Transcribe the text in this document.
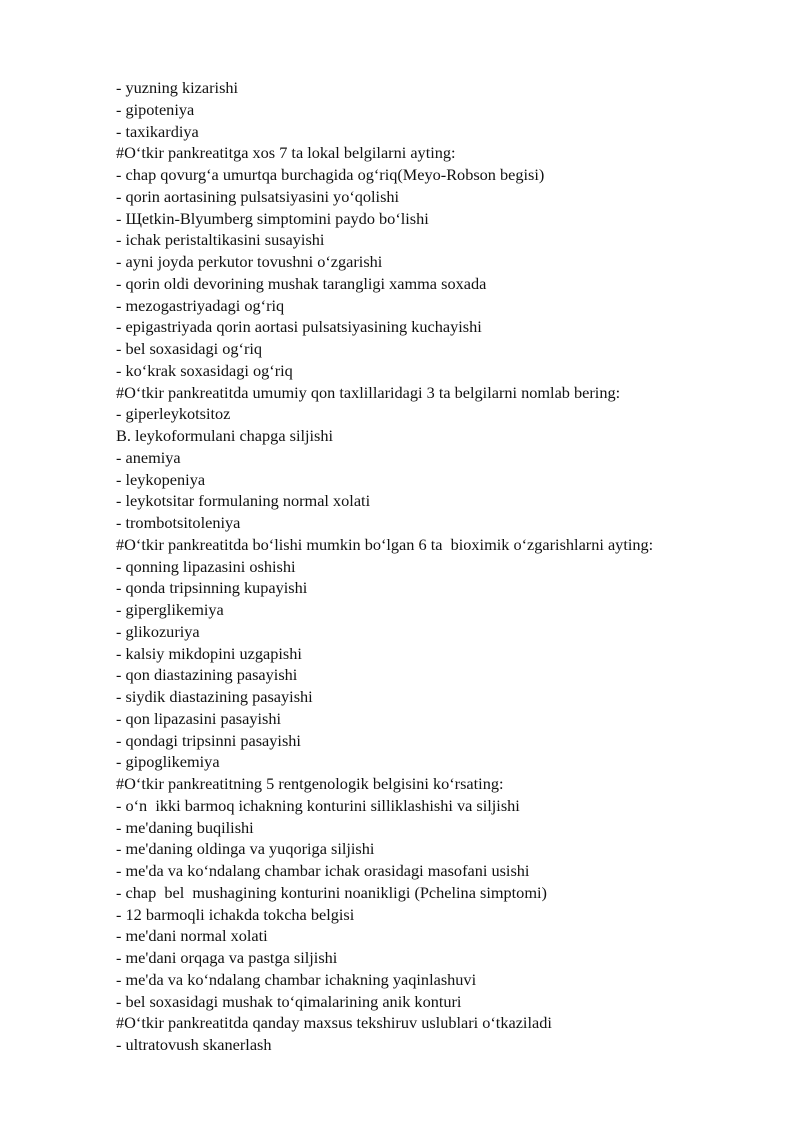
- yuzning kizarishi
- gipoteniya
- taxikardiya
#O‘tkir pankreatitga xos 7 ta lokal belgilarni ayting:
- chap qovurg‘a umurtqa burchagida og‘riq(Meyo-Robson begisi)
- qorin aortasining pulsatsiyasini yo‘qolishi
- Щetkin-Blyumberg simptomini paydo bo‘lishi
- ichak peristaltikasini susayishi
- ayni joyda perkutor tovushni o‘zgarishi
- qorin oldi devorining mushak tarangligi xamma soxada
- mezogastriyadagi og‘riq
- epigastriyada qorin aortasi pulsatsiyasining kuchayishi
- bel soxasidagi og‘riq
- ko‘krak soxasidagi og‘riq
#O‘tkir pankreatitda umumiy qon taxlillaridagi 3 ta belgilarni nomlab bering:
- giperleykotsitoz
B. leykoformulani chapga siljishi
- anemiya
- leykopeniya
- leykotsitar formulaning normal xolati
- trombotsitoleniya
#O‘tkir pankreatitda bo‘lishi mumkin bo‘lgan 6 ta  bioximik o‘zgarishlarni ayting:
- qonning lipazasini oshishi
- qonda tripsinning kupayishi
- giperglikemiya
- glikozuriya
- kalsiy mikdopini uzgapishi
- qon diastazining pasayishi
- siydik diastazining pasayishi
- qon lipazasini pasayishi
- qondagi tripsinni pasayishi
- gipoglikemiya
#O‘tkir pankreatitning 5 rentgenologik belgisini ko‘rsating:
- o‘n  ikki barmoq ichakning konturini silliklashishi va siljishi
- me'daning buqilishi
- me'daning oldinga va yuqoriga siljishi
- me'da va ko‘ndalang chambar ichak orasidagi masofani usishi
- chap  bel  mushagining konturini noanikligi (Pchelina simptomi)
- 12 barmoqli ichakda tokcha belgisi
- me'dani normal xolati
- me'dani orqaga va pastga siljishi
- me'da va ko‘ndalang chambar ichakning yaqinlashuvi
- bel soxasidagi mushak to‘qimalarining anik konturi
#O‘tkir pankreatitda qanday maxsus tekshiruv uslublari o‘tkaziladi
- ultratovush skanerlash
